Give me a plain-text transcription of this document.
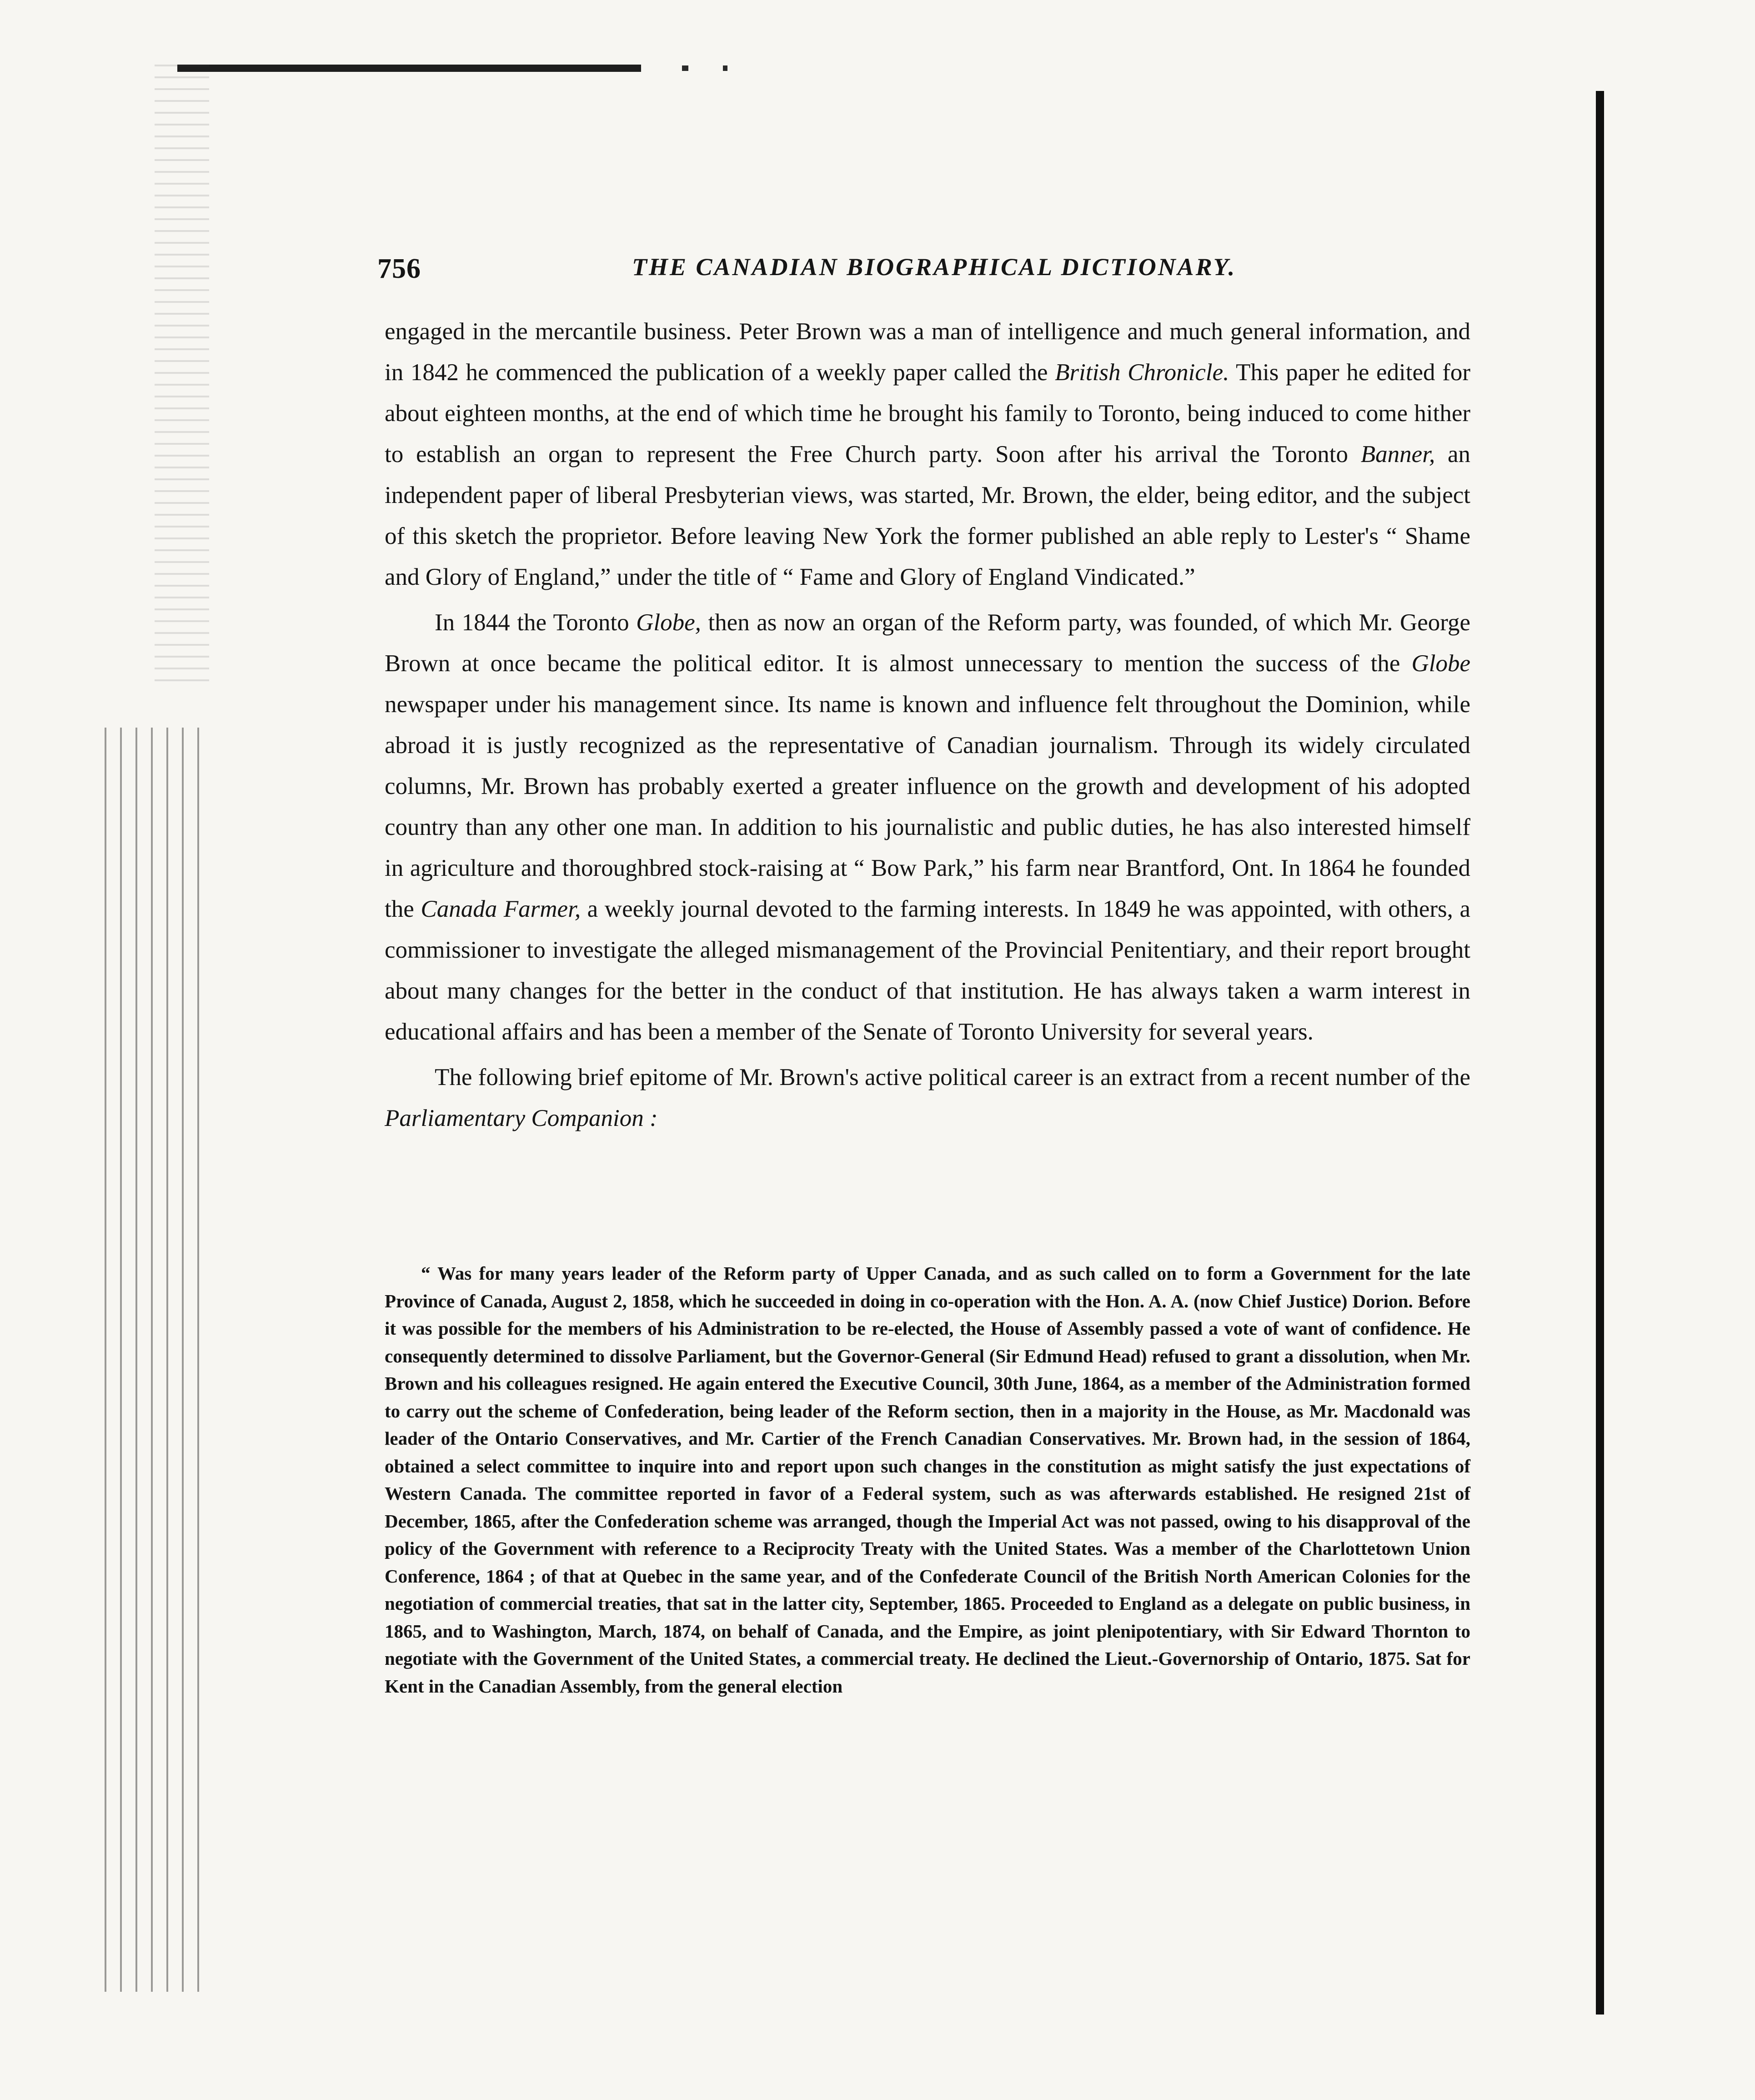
756	THE CANADIAN BIOGRAPHICAL DICTIONARY.

engaged in the mercantile business. Peter Brown was a man of intelligence and much general information, and in 1842 he commenced the publication of a weekly paper called the British Chronicle. This paper he edited for about eighteen months, at the end of which time he brought his family to Toronto, being induced to come hither to establish an organ to represent the Free Church party. Soon after his arrival the Toronto Banner, an independent paper of liberal Presbyterian views, was started, Mr. Brown, the elder, being editor, and the subject of this sketch the proprietor. Before leaving New York the former published an able reply to Lester's “ Shame and Glory of England,” under the title of “ Fame and Glory of England Vindicated.”

In 1844 the Toronto Globe, then as now an organ of the Reform party, was founded, of which Mr. George Brown at once became the political editor. It is almost unnecessary to mention the success of the Globe newspaper under his management since. Its name is known and influence felt throughout the Dominion, while abroad it is justly recognized as the representative of Canadian journalism. Through its widely circulated columns, Mr. Brown has probably exerted a greater influence on the growth and development of his adopted country than any other one man. In addition to his journalistic and public duties, he has also interested himself in agriculture and thoroughbred stock-raising at “ Bow Park,” his farm near Brantford, Ont. In 1864 he founded the Canada Farmer, a weekly journal devoted to the farming interests. In 1849 he was appointed, with others, a commissioner to investigate the alleged mismanagement of the Provincial Penitentiary, and their report brought about many changes for the better in the conduct of that institution. He has always taken a warm interest in educational affairs and has been a member of the Senate of Toronto University for several years.

The following brief epitome of Mr. Brown's active political career is an extract from a recent number of the Parliamentary Companion :

“ Was for many years leader of the Reform party of Upper Canada, and as such called on to form a Government for the late Province of Canada, August 2, 1858, which he succeeded in doing in co-operation with the Hon. A. A. (now Chief Justice) Dorion. Before it was possible for the members of his Administration to be re-elected, the House of Assembly passed a vote of want of confidence. He consequently determined to dissolve Parliament, but the Governor-General (Sir Edmund Head) refused to grant a dissolution, when Mr. Brown and his colleagues resigned. He again entered the Executive Council, 30th June, 1864, as a member of the Administration formed to carry out the scheme of Confederation, being leader of the Reform section, then in a majority in the House, as Mr. Macdonald was leader of the Ontario Conservatives, and Mr. Cartier of the French Canadian Conservatives. Mr. Brown had, in the session of 1864, obtained a select committee to inquire into and report upon such changes in the constitution as might satisfy the just expectations of Western Canada. The committee reported in favor of a Federal system, such as was afterwards established. He resigned 21st of December, 1865, after the Confederation scheme was arranged, though the Imperial Act was not passed, owing to his disapproval of the policy of the Government with reference to a Reciprocity Treaty with the United States. Was a member of the Charlottetown Union Conference, 1864 ; of that at Quebec in the same year, and of the Confederate Council of the British North American Colonies for the negotiation of commercial treaties, that sat in the latter city, September, 1865. Proceeded to England as a delegate on public business, in 1865, and to Washington, March, 1874, on behalf of Canada, and the Empire, as joint plenipotentiary, with Sir Edward Thornton to negotiate with the Government of the United States, a commercial treaty. He declined the Lieut.-Governorship of Ontario, 1875. Sat for Kent in the Canadian Assembly, from the general election
